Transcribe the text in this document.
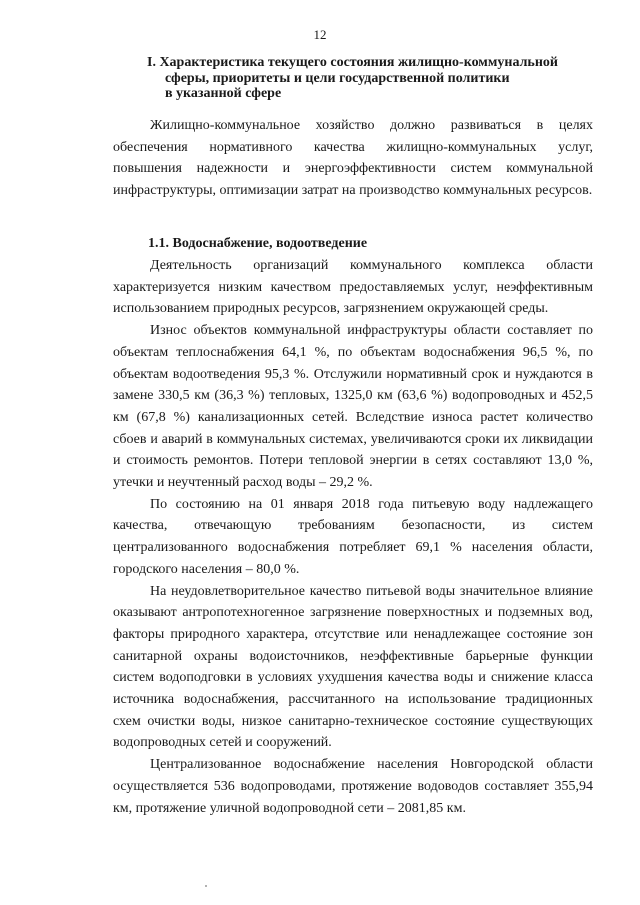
12
I. Характеристика текущего состояния жилищно-коммунальной
сферы, приоритеты и цели государственной политики
в указанной сфере

Жилищно-коммунальное хозяйство должно развиваться в целях обеспечения нормативного качества жилищно-коммунальных услуг, повышения надежности и энергоэффективности систем коммунальной инфраструктуры, оптимизации затрат на производство коммунальных ресурсов.

1.1. Водоснабжение, водоотведение

Деятельность организаций коммунального комплекса области характеризуется низким качеством предоставляемых услуг, неэффективным использованием природных ресурсов, загрязнением окружающей среды.

Износ объектов коммунальной инфраструктуры области составляет по объектам теплоснабжения 64,1 %, по объектам водоснабжения 96,5 %, по объектам водоотведения 95,3 %. Отслужили нормативный срок и нуждаются в замене 330,5 км (36,3 %) тепловых, 1325,0 км (63,6 %) водопроводных и 452,5 км (67,8 %) канализационных сетей. Вследствие износа растет количество сбоев и аварий в коммунальных системах, увеличиваются сроки их ликвидации и стоимость ремонтов. Потери тепловой энергии в сетях составляют 13,0 %, утечки и неучтенный расход воды – 29,2 %.

По состоянию на 01 января 2018 года питьевую воду надлежащего качества, отвечающую требованиям безопасности, из систем централизованного водоснабжения потребляет 69,1 % населения области, городского населения – 80,0 %.

На неудовлетворительное качество питьевой воды значительное влияние оказывают антропотехногенное загрязнение поверхностных и подземных вод, факторы природного характера, отсутствие или ненадлежащее состояние зон санитарной охраны водоисточников, неэффективные барьерные функции систем водоподговки в условиях ухудшения качества воды и снижение класса источника водоснабжения, рассчитанного на использование традиционных схем очистки воды, низкое санитарно-техническое состояние существующих водопроводных сетей и сооружений.

Централизованное водоснабжение населения Новгородской области осуществляется 536 водопроводами, протяжение водоводов составляет 355,94 км, протяжение уличной водопроводной сети – 2081,85 км.
